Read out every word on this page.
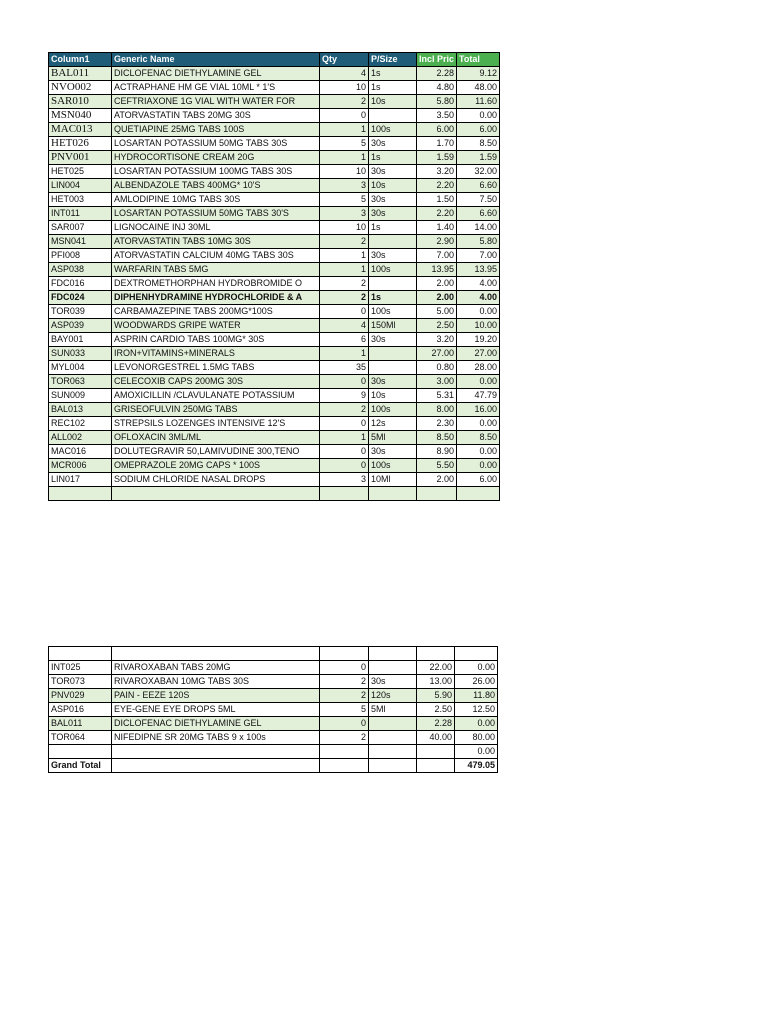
Column1	Generic Name	Qty	P/Size	Incl Pric	Total
BAL011	DICLOFENAC DIETHYLAMINE GEL	4	1s	2.28	9.12
NVO002	ACTRAPHANE HM GE VIAL 10ML * 1'S	10	1s	4.80	48.00
SAR010	CEFTRIAXONE 1G VIAL WITH WATER FOR	2	10s	5.80	11.60
MSN040	ATORVASTATIN TABS 20MG 30S	0		3.50	0.00
MAC013	QUETIAPINE 25MG TABS 100S	1	100s	6.00	6.00
HET026	LOSARTAN POTASSIUM 50MG TABS 30S	5	30s	1.70	8.50
PNV001	HYDROCORTISONE CREAM 20G	1	1s	1.59	1.59
HET025	LOSARTAN POTASSIUM 100MG TABS 30S	10	30s	3.20	32.00
LIN004	ALBENDAZOLE TABS 400MG* 10'S	3	10s	2.20	6.60
HET003	AMLODIPINE 10MG TABS 30S	5	30s	1.50	7.50
INT011	LOSARTAN POTASSIUM 50MG TABS 30'S	3	30s	2.20	6.60
SAR007	LIGNOCAINE INJ 30ML	10	1s	1.40	14.00
MSN041	ATORVASTATIN TABS 10MG 30S	2		2.90	5.80
PFI008	ATORVASTATIN CALCIUM 40MG TABS 30S	1	30s	7.00	7.00
ASP038	WARFARIN TABS 5MG	1	100s	13.95	13.95
FDC016	DEXTROMETHORPHAN HYDROBROMIDE O	2		2.00	4.00
FDC024	DIPHENHYDRAMINE HYDROCHLORIDE & A	2	1s	2.00	4.00
TOR039	CARBAMAZEPINE TABS 200MG*100S	0	100s	5.00	0.00
ASP039	WOODWARDS GRIPE WATER	4	150Ml	2.50	10.00
BAY001	ASPRIN CARDIO TABS 100MG* 30S	6	30s	3.20	19.20
SUN033	IRON+VITAMINS+MINERALS	1		27.00	27.00
MYL004	LEVONORGESTREL 1.5MG TABS	35		0.80	28.00
TOR063	CELECOXIB CAPS 200MG 30S	0	30s	3.00	0.00
SUN009	AMOXICILLIN /CLAVULANATE POTASSIUM	9	10s	5.31	47.79
BAL013	GRISEOFULVIN 250MG TABS	2	100s	8.00	16.00
REC102	STREPSILS LOZENGES INTENSIVE 12'S	0	12s	2.30	0.00
ALL002	OFLOXACIN 3ML/ML	1	5Ml	8.50	8.50
MAC016	DOLUTEGRAVIR 50,LAMIVUDINE 300,TENO	0	30s	8.90	0.00
MCR006	OMEPRAZOLE 20MG CAPS * 100S	0	100s	5.50	0.00
LIN017	SODIUM CHLORIDE NASAL DROPS	3	10Ml	2.00	6.00

INT025	RIVAROXABAN TABS 20MG	0		22.00	0.00
TOR073	RIVAROXABAN 10MG TABS 30S	2	30s	13.00	26.00
PNV029	PAIN - EEZE 120S	2	120s	5.90	11.80
ASP016	EYE-GENE EYE DROPS 5ML	5	5Ml	2.50	12.50
BAL011	DICLOFENAC DIETHYLAMINE GEL	0		2.28	0.00
TOR064	NIFEDIPNE SR 20MG TABS 9 x 100s	2		40.00	80.00
					0.00
Grand Total					479.05
